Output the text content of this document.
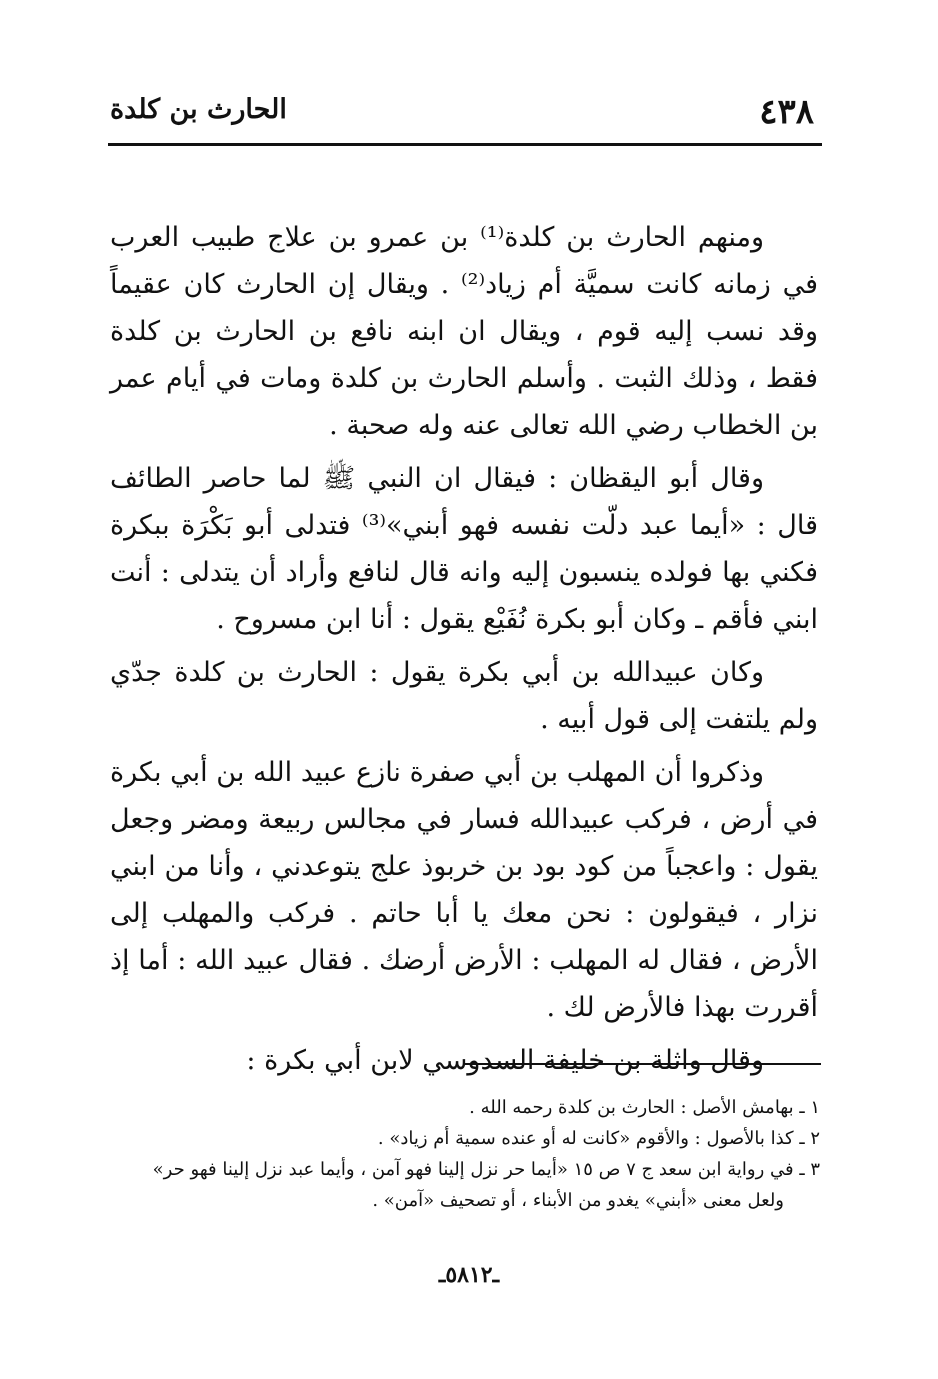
٤٣٨
الحارث بن كلدة

ومنهم الحارث بن كلدة⁽¹⁾ بن عمرو بن علاج طبيب العرب في زمانه كانت سميَّة أم زياد⁽²⁾ . ويقال إن الحارث كان عقيماً وقد نسب إليه قوم ، ويقال ان ابنه نافع بن الحارث بن كلدة فقط ، وذلك الثبت . وأسلم الحارث بن كلدة ومات في أيام عمر بن الخطاب رضي الله تعالى عنه وله صحبة .

وقال أبو اليقظان : فيقال ان النبي ﷺ لما حاصر الطائف قال : «أيما عبد دلّت نفسه فهو أبني»⁽³⁾ فتدلى أبو بَكْرَة ببكرة فكني بها فولده ينسبون إليه وانه قال لنافع وأراد أن يتدلى : أنت ابني فأقم ـ وكان أبو بكرة نُفَيْع يقول : أنا ابن مسروح .

وكان عبيدالله بن أبي بكرة يقول : الحارث بن كلدة جدّي ولم يلتفت إلى قول أبيه .

وذكروا أن المهلب بن أبي صفرة نازع عبيد الله بن أبي بكرة في أرض ، فركب عبيدالله فسار في مجالس ربيعة ومضر وجعل يقول : واعجباً من كود بود بن خربوذ علج يتوعدني ، وأنا من ابني نزار ، فيقولون : نحن معك يا أبا حاتم . فركب والمهلب إلى الأرض ، فقال له المهلب : الأرض أرضك . فقال عبيد الله : أما إذ أقررت بهذا فالأرض لك .

وقال واثلة بن خليفة السدوسي لابن أبي بكرة :

١ ـ بهامش الأصل : الحارث بن كلدة رحمه الله .

٢ ـ كذا بالأصول : والأقوم «كانت له أو عنده سمية أم زياد» .

٣ ـ في رواية ابن سعد ج ٧ ص ١٥ «أيما حر نزل إلينا فهو آمن ، وأيما عبد نزل إلينا فهو حر»

ولعل معنى «أبني» يغدو من الأبناء ، أو تصحيف «آمن» .

ـ٥٨١٢ـ
